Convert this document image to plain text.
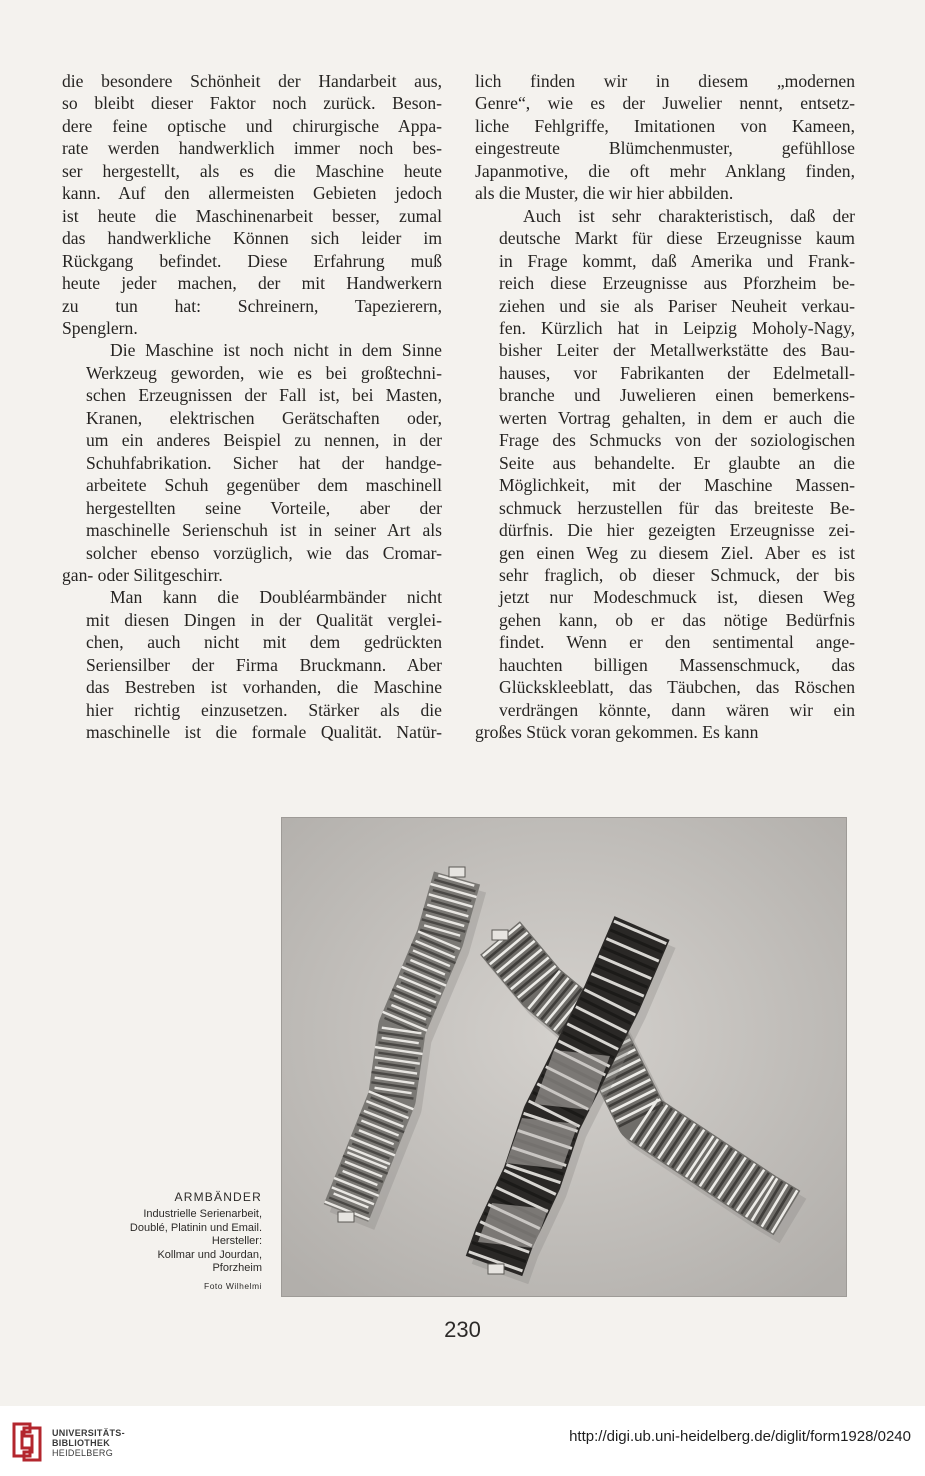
die besondere Schönheit der Handarbeit aus,
so bleibt dieser Faktor noch zurück. Beson-
dere feine optische und chirurgische Appa-
rate werden handwerklich immer noch bes-
ser hergestellt, als es die Maschine heute
kann. Auf den allermeisten Gebieten jedoch
ist heute die Maschinenarbeit besser, zumal
das handwerkliche Können sich leider im
Rückgang befindet. Diese Erfahrung muß
heute jeder machen, der mit Handwerkern
zu tun hat: Schreinern, Tapezierern,
Spenglern.

Die Maschine ist noch nicht in dem Sinne
Werkzeug geworden, wie es bei großtechni-
schen Erzeugnissen der Fall ist, bei Masten,
Kranen, elektrischen Gerätschaften oder,
um ein anderes Beispiel zu nennen, in der
Schuhfabrikation. Sicher hat der handge-
arbeitete Schuh gegenüber dem maschinell
hergestellten seine Vorteile, aber der
maschinelle Serienschuh ist in seiner Art als
solcher ebenso vorzüglich, wie das Cromar-
gan- oder Silitgeschirr.

Man kann die Doubléarmbänder nicht
mit diesen Dingen in der Qualität verglei-
chen, auch nicht mit dem gedrückten
Seriensilber der Firma Bruckmann. Aber
das Bestreben ist vorhanden, die Maschine
hier richtig einzusetzen. Stärker als die
maschinelle ist die formale Qualität. Natür-

lich finden wir in diesem „modernen
Genre“, wie es der Juwelier nennt, entsetz-
liche Fehlgriffe, Imitationen von Kameen,
eingestreute Blümchenmuster, gefühllose
Japanmotive, die oft mehr Anklang finden,
als die Muster, die wir hier abbilden.

Auch ist sehr charakteristisch, daß der
deutsche Markt für diese Erzeugnisse kaum
in Frage kommt, daß Amerika und Frank-
reich diese Erzeugnisse aus Pforzheim be-
ziehen und sie als Pariser Neuheit verkau-
fen. Kürzlich hat in Leipzig Moholy-Nagy,
bisher Leiter der Metallwerkstätte des Bau-
hauses, vor Fabrikanten der Edelmetall-
branche und Juwelieren einen bemerkens-
werten Vortrag gehalten, in dem er auch die
Frage des Schmucks von der soziologischen
Seite aus behandelte. Er glaubte an die
Möglichkeit, mit der Maschine Massen-
schmuck herzustellen für das breiteste Be-
dürfnis. Die hier gezeigten Erzeugnisse zei-
gen einen Weg zu diesem Ziel. Aber es ist
sehr fraglich, ob dieser Schmuck, der bis
jetzt nur Modeschmuck ist, diesen Weg
gehen kann, ob er das nötige Bedürfnis
findet. Wenn er den sentimental ange-
hauchten billigen Massenschmuck, das
Glückskleeblatt, das Täubchen, das Röschen
verdrängen könnte, dann wären wir ein
großes Stück voran gekommen. Es kann

ARMBÄNDER
Industrielle Serienarbeit,
Doublé, Platinin und Email.
Hersteller:
Kollmar und Jourdan,
Pforzheim
Foto Wilhelmi
230
UNIVERSITÄTS-
BIBLIOTHEK
HEIDELBERG
http://digi.ub.uni-heidelberg.de/diglit/form1928/0240
